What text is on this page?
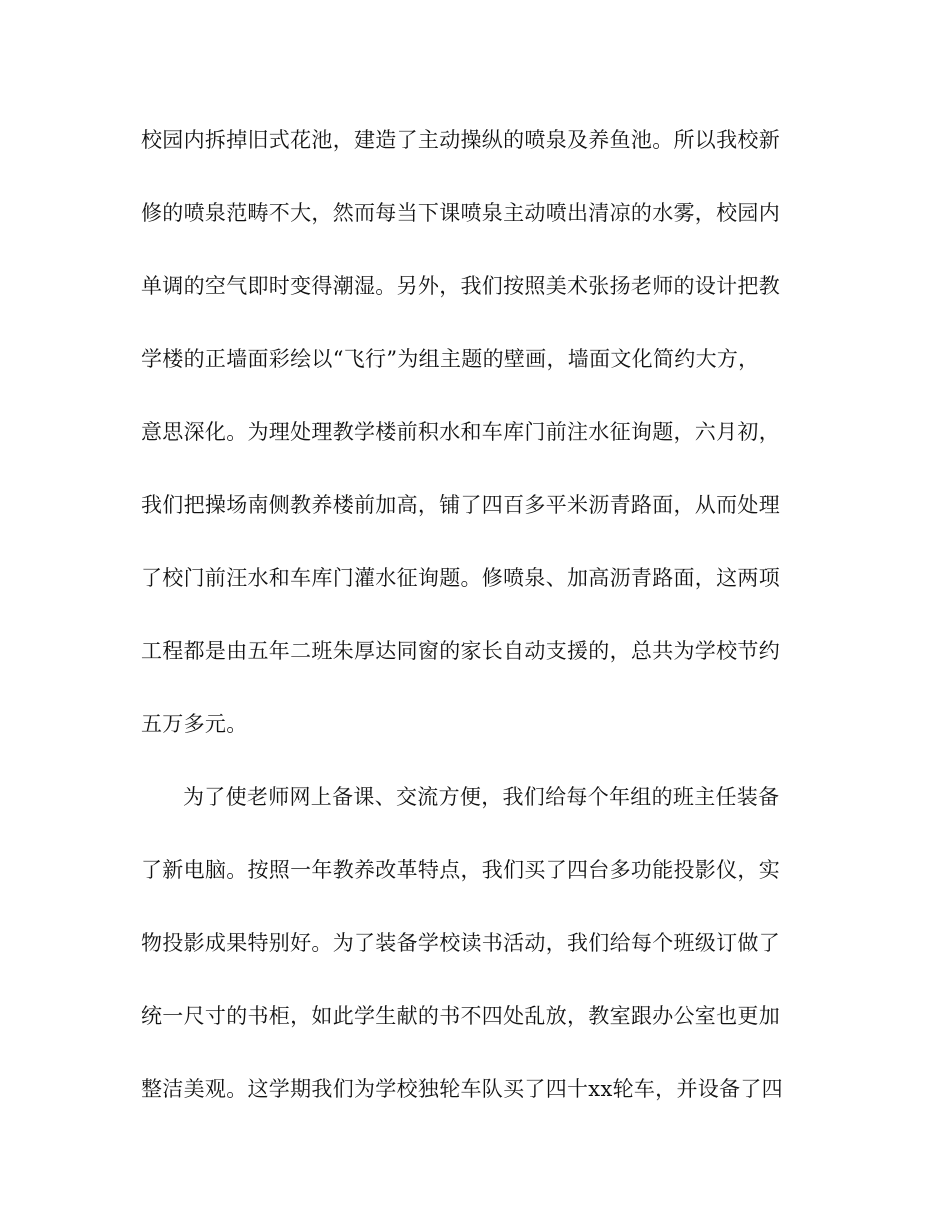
校园内拆掉旧式花池，建造了主动操纵的喷泉及养鱼池。所以我校新
修的喷泉范畴不大，然而每当下课喷泉主动喷出清凉的水雾，校园内
单调的空气即时变得潮湿。另外，我们按照美术张扬老师的设计把教
学楼的正墙面彩绘以“飞行”为组主题的壁画，墙面文化简约大方，
意思深化。为理处理教学楼前积水和车库门前注水征询题，六月初，
我们把操场南侧教养楼前加高，铺了四百多平米沥青路面，从而处理
了校门前汪水和车库门灌水征询题。修喷泉、加高沥青路面，这两项
工程都是由五年二班朱厚达同窗的家长自动支援的，总共为学校节约
五万多元。
为了使老师网上备课、交流方便，我们给每个年组的班主任装备
了新电脑。按照一年教养改革特点，我们买了四台多功能投影仪，实
物投影成果特别好。为了装备学校读书活动，我们给每个班级订做了
统一尺寸的书柜，如此学生献的书不四处乱放，教室跟办公室也更加
整洁美观。这学期我们为学校独轮车队买了四十xx轮车，并设备了四
